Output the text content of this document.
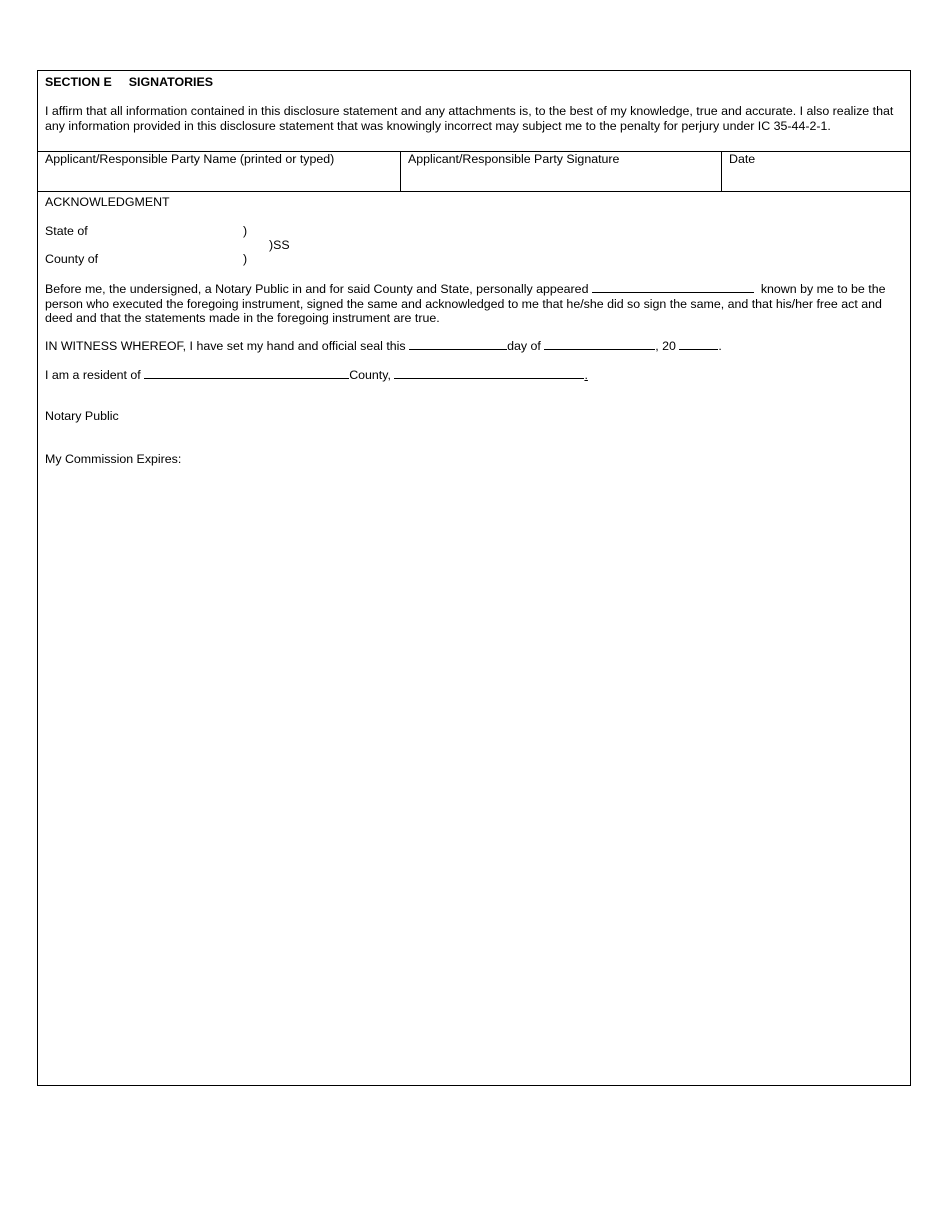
SECTION E SIGNATORIES
I affirm that all information contained in this disclosure statement and any attachments is, to the best of my knowledge, true and accurate. I also realize that any information provided in this disclosure statement that was knowingly incorrect may subject me to the penalty for perjury under IC 35-44-2-1.
Applicant/Responsible Party Name (printed or typed)	Applicant/Responsible Party Signature	Date
ACKNOWLEDGMENT
State of	)
)SS
County of	)
Before me, the undersigned, a Notary Public in and for said County and State, personally appeared	known by me to be the person who executed the foregoing instrument, signed the same and acknowledged to me that he/she did so sign the same, and that his/her free act and deed and that the statements made in the foregoing instrument are true.
IN WITNESS WHEREOF, I have set my hand and official seal this	day of	, 20	.
I am a resident of	County,	.
Notary Public
My Commission Expires:
